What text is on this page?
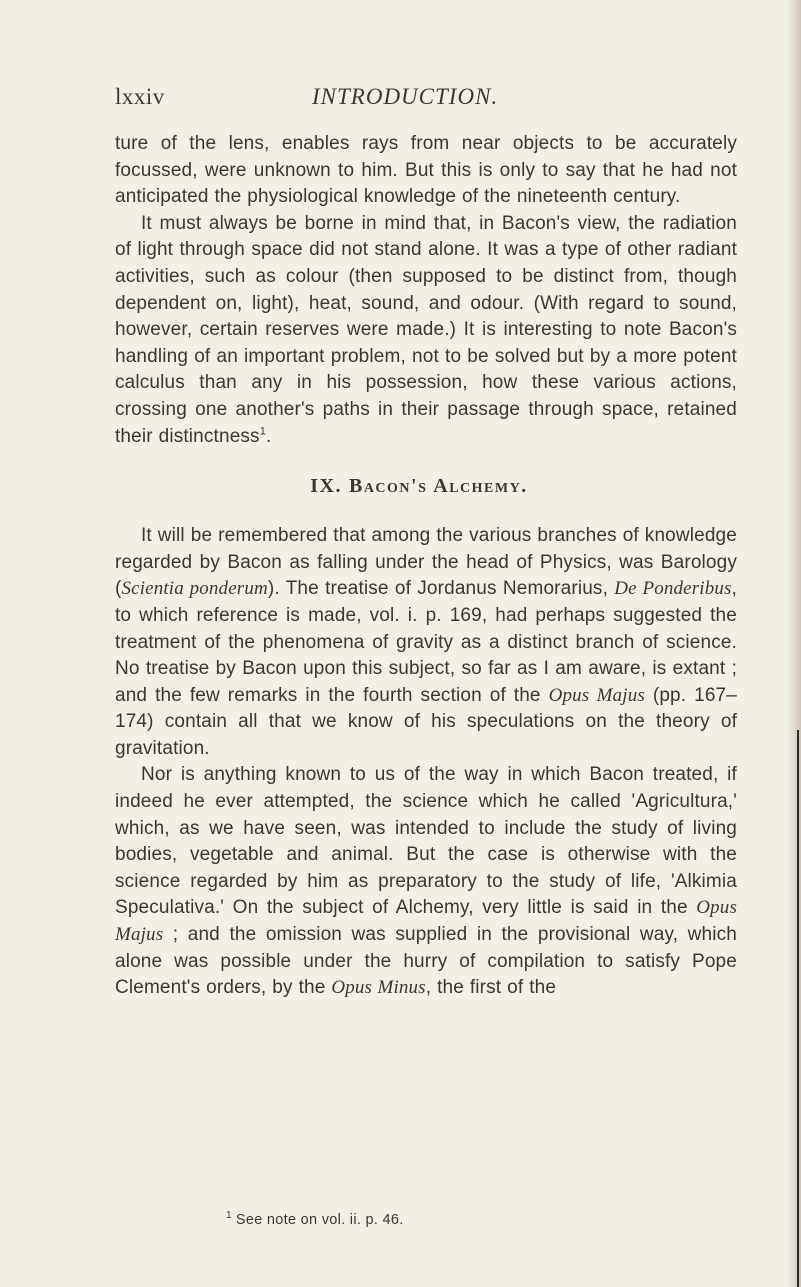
lxxiv	INTRODUCTION.

ture of the lens, enables rays from near objects to be accurately focussed, were unknown to him. But this is only to say that he had not anticipated the physiological knowledge of the nineteenth century.

It must always be borne in mind that, in Bacon's view, the radiation of light through space did not stand alone. It was a type of other radiant activities, such as colour (then supposed to be distinct from, though dependent on, light), heat, sound, and odour. (With regard to sound, however, certain reserves were made.) It is interesting to note Bacon's handling of an important problem, not to be solved but by a more potent calculus than any in his possession, how these various actions, crossing one another's paths in their passage through space, retained their distinctness$^1$.

IX. Bacon's Alchemy.

It will be remembered that among the various branches of knowledge regarded by Bacon as falling under the head of Physics, was Barology (Scientia ponderum). The treatise of Jordanus Nemorarius, De Ponderibus, to which reference is made, vol. i. p. 169, had perhaps suggested the treatment of the phenomena of gravity as a distinct branch of science. No treatise by Bacon upon this subject, so far as I am aware, is extant ; and the few remarks in the fourth section of the Opus Majus (pp. 167–174) contain all that we know of his speculations on the theory of gravitation.

Nor is anything known to us of the way in which Bacon treated, if indeed he ever attempted, the science which he called 'Agricultura,' which, as we have seen, was intended to include the study of living bodies, vegetable and animal. But the case is otherwise with the science regarded by him as preparatory to the study of life, 'Alkimia Speculativa.' On the subject of Alchemy, very little is said in the Opus Majus ; and the omission was supplied in the provisional way, which alone was possible under the hurry of compilation to satisfy Pope Clement's orders, by the Opus Minus, the first of the

$^1$ See note on vol. ii. p. 46.
